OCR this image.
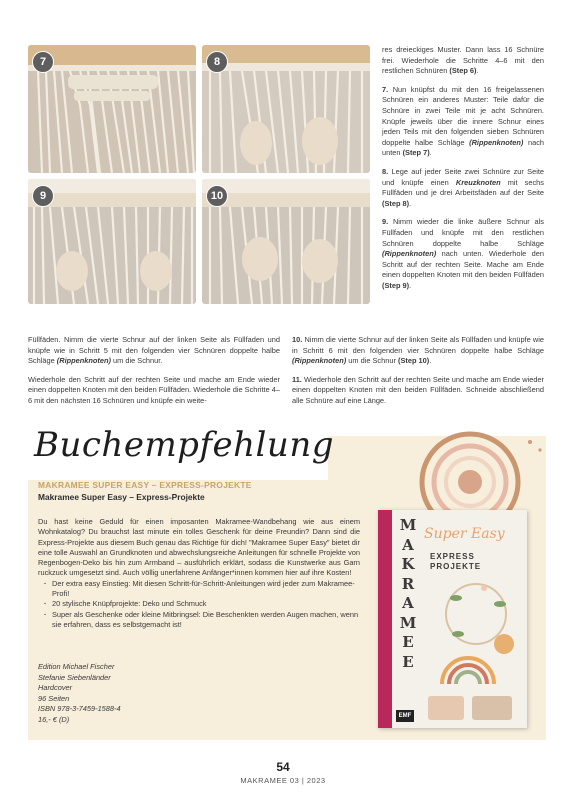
7	8
9	10

res dreieckiges Muster. Dann lass 16 Schnüre frei. Wiederhole die Schritte 4–6 mit den restlichen Schnüren (Step 6).

7. Nun knüpfst du mit den 16 freigelassenen Schnüren ein anderes Muster: Teile dafür die Schnüre in zwei Teile mit je acht Schnüren. Knüpfe jeweils über die innere Schnur eines jeden Teils mit den folgenden sieben Schnüren doppelte halbe Schläge (Rippenknoten) nach unten (Step 7).

8. Lege auf jeder Seite zwei Schnüre zur Seite und knüpfe einen Kreuzknoten mit sechs Füllfäden und je drei Arbeitsfäden auf der Seite (Step 8).

9. Nimm wieder die linke äußere Schnur als Füllfaden und knüpfe mit den restlichen Schnüren doppelte halbe Schläge (Rippenknoten) nach unten. Wiederhole den Schritt auf der rechten Seite. Mache am Ende einen doppelten Knoten mit den beiden Füllfäden (Step 9).

Füllfäden. Nimm die vierte Schnur auf der linken Seite als Füllfaden und knüpfe wie in Schritt 5 mit den folgenden vier Schnüren doppelte halbe Schläge (Rippenknoten) um die Schnur.

Wiederhole den Schritt auf der rechten Seite und mache am Ende wieder einen doppelten Knoten mit den beiden Füllfäden. Wiederhole die Schritte 4–6 mit den nächsten 16 Schnüren und knüpfe ein weite-

10. Nimm die vierte Schnur auf der linken Seite als Füllfaden und knüpfe wie in Schritt 6 mit den folgenden vier Schnüren doppelte halbe Schläge (Rippenknoten) um die Schnur (Step 10).

11. Wiederhole den Schritt auf der rechten Seite und mache am Ende wieder einen doppelten Knoten mit den beiden Füllfäden. Schneide abschließend alle Schnüre auf eine Länge.

Buchempfehlung
MAKRAMEE SUPER EASY – EXPRESS-PROJEKTE
Makramee Super Easy – Express-Projekte
Du hast keine Geduld für einen imposanten Makramee-Wandbehang wie aus einem Wohnkatalog? Du brauchst last minute ein tolles Geschenk für deine Freundin? Dann sind die Express-Projekte aus diesem Buch genau das Richtige für dich! "Makramee Super Easy" bietet dir eine tolle Auswahl an Grundknoten und abwechslungsreiche Anleitungen für schnelle Projekte von Regenbogen-Deko bis hin zum Armband – ausführlich erklärt, sodass die Kunstwerke aus Garn ruckzuck umgesetzt sind. Auch völlig unerfahrene Anfänger*innen kommen hier auf ihre Kosten!
· Der extra easy Einstieg: Mit diesen Schritt-für-Schritt-Anleitungen wird jeder zum Makramee-Profi!
· 20 stylische Knüpfprojekte: Deko und Schmuck
· Super als Geschenke oder kleine Mitbringsel: Die Beschenkten werden Augen machen, wenn sie erfahren, dass es selbstgemacht ist!
Edition Michael Fischer
Stefanie Siebenländer
Hardcover
96 Seiten
ISBN 978-3-7459-1588-4
16,- € (D)
M
A
K
R
A
M
E
E
Super Easy
EXPRESS
PROJEKTE
EMF
54
MAKRAMEE 03 | 2023
